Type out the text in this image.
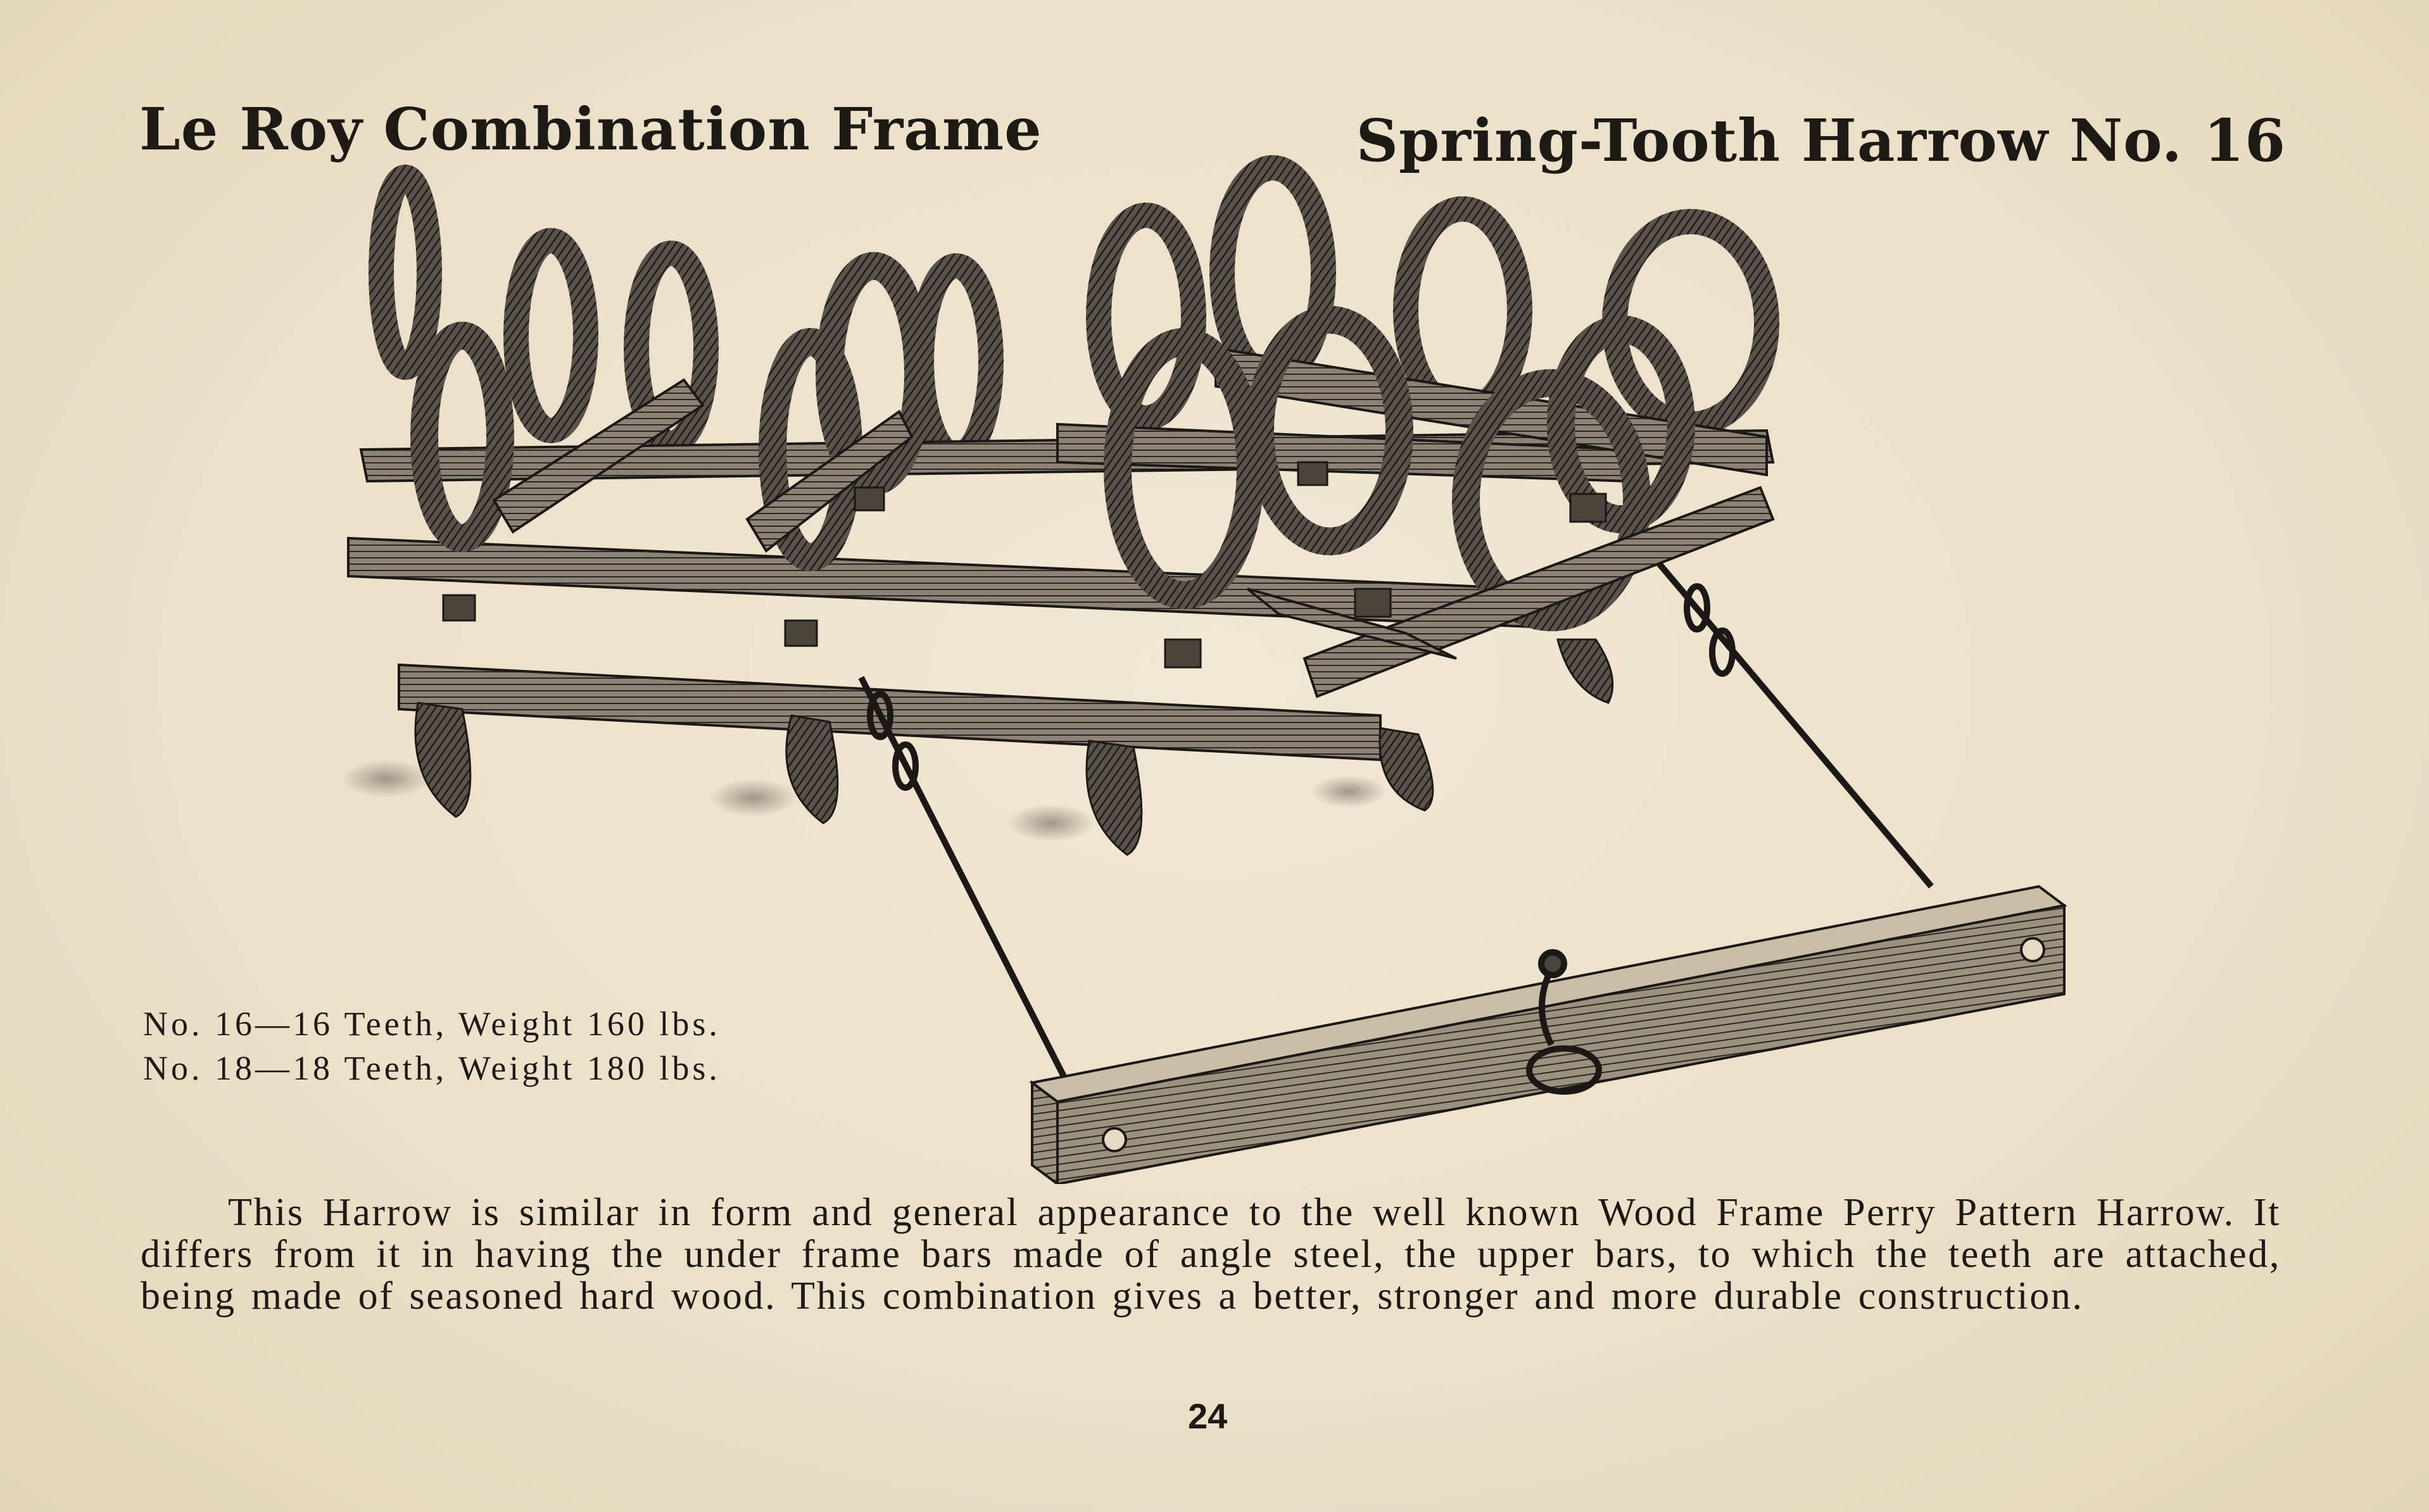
Le Roy Combination Frame	Spring-Tooth Harrow No. 16
No. 16—16 Teeth, Weight 160 lbs.
No. 18—18 Teeth, Weight 180 lbs.
This Harrow is similar in form and general appearance to the well known Wood Frame Perry Pattern Harrow. It differs from it in having the under frame bars made of angle steel, the upper bars, to which the teeth are attached, being made of seasoned hard wood. This combination gives a better, stronger and more durable construction.
24
